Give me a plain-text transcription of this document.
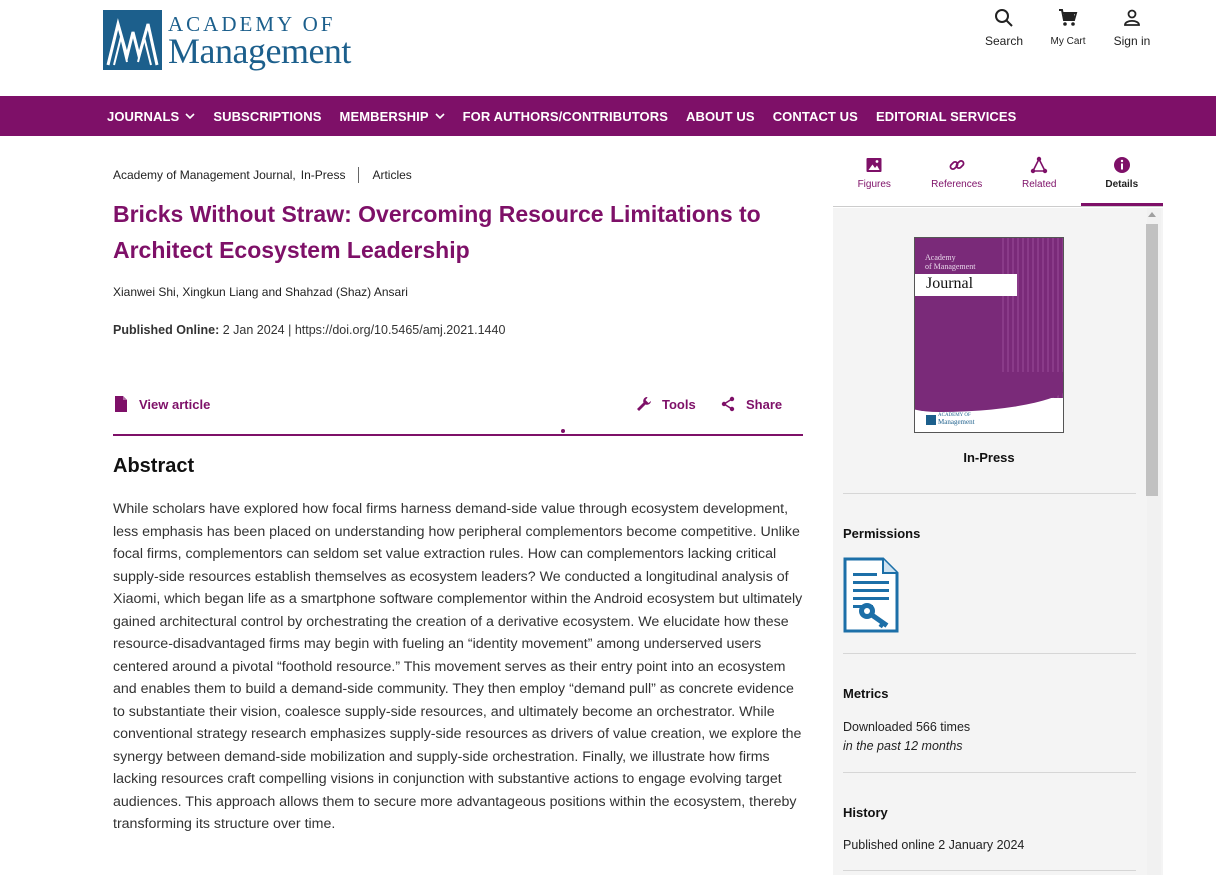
ACADEMY OF
Management	Search	My Cart Sign in
JOURNALS	SUBSCRIPTIONS MEMBERSHIP	FOR AUTHORS/CONTRIBUTORS ABOUT US CONTACT US EDITORIAL SERVICES
Academy of Management Journal, In-Press Articles
Bricks Without Straw: Overcoming Resource Limitations to Architect Ecosystem Leadership
Xianwei Shi, Xingkun Liang and Shahzad (Shaz) Ansari
Published Online: 2 Jan 2024 | https://doi.org/10.5465/amj.2021.1440
View article	Tools	Share
Abstract

While scholars have explored how focal firms harness demand-side value through ecosystem development, less emphasis has been placed on understanding how peripheral complementors become competitive. Unlike focal firms, complementors can seldom set value extraction rules. How can complementors lacking critical supply-side resources establish themselves as ecosystem leaders? We conducted a longitudinal analysis of Xiaomi, which began life as a smartphone software complementor within the Android ecosystem but ultimately gained architectural control by orchestrating the creation of a derivative ecosystem. We elucidate how these resource-disadvantaged firms may begin with fueling an “identity movement” among underserved users centered around a pivotal “foothold resource.” This movement serves as their entry point into an ecosystem and enables them to build a demand-side community. They then employ “demand pull” as concrete evidence to substantiate their vision, coalesce supply-side resources, and ultimately become an orchestrator. While conventional strategy research emphasizes supply-side resources as drivers of value creation, we explore the synergy between demand-side mobilization and supply-side orchestration. Finally, we illustrate how firms lacking resources craft compelling visions in conjunction with substantive actions to engage evolving target audiences. This approach allows them to secure more advantageous positions within the ecosystem, thereby transforming its structure over time.

Figures	References	Related	Details
Academy
of Management
Journal
ACADEMY OF
Management
In-Press
Permissions
Metrics
Downloaded 566 times
in the past 12 months
History
Published online 2 January 2024
